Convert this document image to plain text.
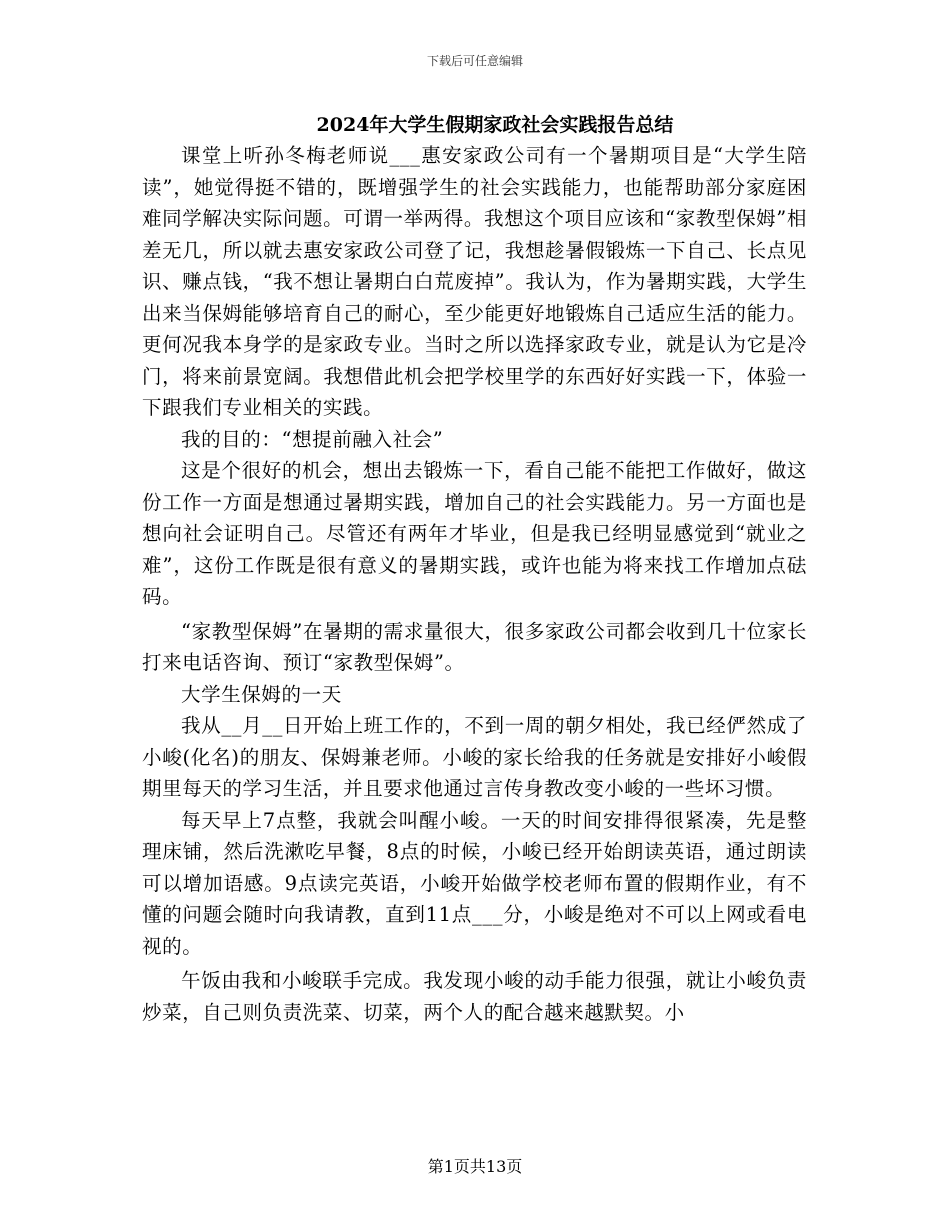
下载后可任意编辑
2024年大学生假期家政社会实践报告总结

课堂上听孙冬梅老师说___惠安家政公司有一个暑期项目是“大学生陪读”，她觉得挺不错的，既增强学生的社会实践能力，也能帮助部分家庭困难同学解决实际问题。可谓一举两得。我想这个项目应该和“家教型保姆”相差无几，所以就去惠安家政公司登了记，我想趁暑假锻炼一下自己、长点见识、赚点钱，“我不想让暑期白白荒废掉”。我认为，作为暑期实践，大学生出来当保姆能够培育自己的耐心，至少能更好地锻炼自己适应生活的能力。更何况我本身学的是家政专业。当时之所以选择家政专业，就是认为它是冷门，将来前景宽阔。我想借此机会把学校里学的东西好好实践一下，体验一下跟我们专业相关的实践。

我的目的：“想提前融入社会”

这是个很好的机会，想出去锻炼一下，看自己能不能把工作做好，做这份工作一方面是想通过暑期实践，增加自己的社会实践能力。另一方面也是想向社会证明自己。尽管还有两年才毕业，但是我已经明显感觉到“就业之难”，这份工作既是很有意义的暑期实践，或许也能为将来找工作增加点砝码。

“家教型保姆”在暑期的需求量很大，很多家政公司都会收到几十位家长打来电话咨询、预订“家教型保姆”。

大学生保姆的一天

我从__月__日开始上班工作的，不到一周的朝夕相处，我已经俨然成了小峻(化名)的朋友、保姆兼老师。小峻的家长给我的任务就是安排好小峻假期里每天的学习生活，并且要求他通过言传身教改变小峻的一些坏习惯。

每天早上7点整，我就会叫醒小峻。一天的时间安排得很紧凑，先是整理床铺，然后洗漱吃早餐，8点的时候，小峻已经开始朗读英语，通过朗读可以增加语感。9点读完英语，小峻开始做学校老师布置的假期作业，有不懂的问题会随时向我请教，直到11点___分，小峻是绝对不可以上网或看电视的。

午饭由我和小峻联手完成。我发现小峻的动手能力很强，就让小峻负责炒菜，自己则负责洗菜、切菜，两个人的配合越来越默契。小

第1页共13页
